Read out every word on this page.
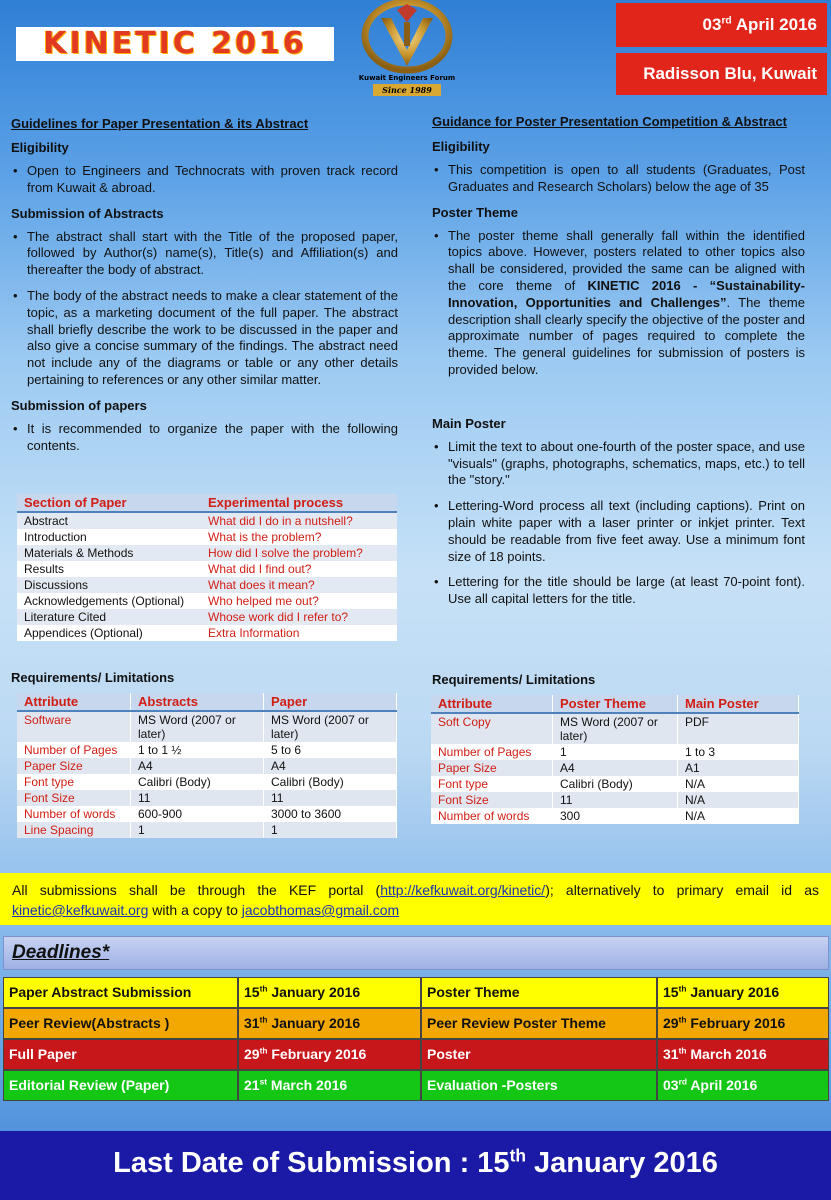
KINETIC 2016
Kuwait Engineers Forum
Since 1989
03rd April 2016
Radisson Blu, Kuwait
Guidelines for Paper Presentation & its Abstract
Eligibility
• Open to Engineers and Technocrats with proven track record from Kuwait & abroad.
Submission of Abstracts
• The abstract shall start with the Title of the proposed paper, followed by Author(s) name(s), Title(s) and Affiliation(s) and thereafter the body of abstract.
• The body of the abstract needs to make a clear statement of the topic, as a marketing document of the full paper. The abstract shall briefly describe the work to be discussed in the paper and also give a concise summary of the findings. The abstract need not include any of the diagrams or table or any other details pertaining to references or any other similar matter.
Submission of papers
• It is recommended to organize the paper with the following contents.
Section of Paper	Experimental process
Abstract	What did I do in a nutshell?
Introduction	What is the problem?
Materials & Methods	How did I solve the problem?
Results	What did I find out?
Discussions	What does it mean?
Acknowledgements (Optional)	Who helped me out?
Literature Cited	Whose work did I refer to?
Appendices (Optional)	Extra Information
Requirements/ Limitations
Attribute	Abstracts	Paper
Software	MS Word (2007 or later)	MS Word (2007 or later)
Number of Pages	1 to 1 ½	5 to 6
Paper Size	A4	A4
Font type	Calibri (Body)	Calibri (Body)
Font Size	11	11
Number of words	600-900	3000 to 3600
Line Spacing	1	1
Guidance for Poster Presentation Competition & Abstract
Eligibility
• This competition is open to all students (Graduates, Post Graduates and Research Scholars) below the age of 35
Poster Theme
• The poster theme shall generally fall within the identified topics above. However, posters related to other topics also shall be considered, provided the same can be aligned with the core theme of KINETIC 2016 - “Sustainability-Innovation, Opportunities and Challenges”. The theme description shall clearly specify the objective of the poster and approximate number of pages required to complete the theme. The general guidelines for submission of posters is provided below.
Main Poster
• Limit the text to about one-fourth of the poster space, and use "visuals" (graphs, photographs, schematics, maps, etc.) to tell the "story."
• Lettering-Word process all text (including captions). Print on plain white paper with a laser printer or inkjet printer. Text should be readable from five feet away. Use a minimum font size of 18 points.
• Lettering for the title should be large (at least 70-point font). Use all capital letters for the title.
Requirements/ Limitations
Attribute	Poster Theme	Main Poster
Soft Copy	MS Word (2007 or later)	PDF
Number of Pages	1	1 to 3
Paper Size	A4	A1
Font type	Calibri (Body)	N/A
Font Size	11	N/A
Number of words	300	N/A
All submissions shall be through the KEF portal (http://kefkuwait.org/kinetic/); alternatively to primary email id as kinetic@kefkuwait.org with a copy to jacobthomas@gmail.com
Deadlines*
Paper Abstract Submission	15th January 2016	Poster Theme	15th January 2016
Peer Review(Abstracts )	31th January 2016	Peer Review Poster Theme	29th February 2016
Full Paper	29th February 2016	Poster	31th March 2016
Editorial Review (Paper)	21st March 2016	Evaluation -Posters	03rd April 2016
Last Date of Submission : 15th January 2016
